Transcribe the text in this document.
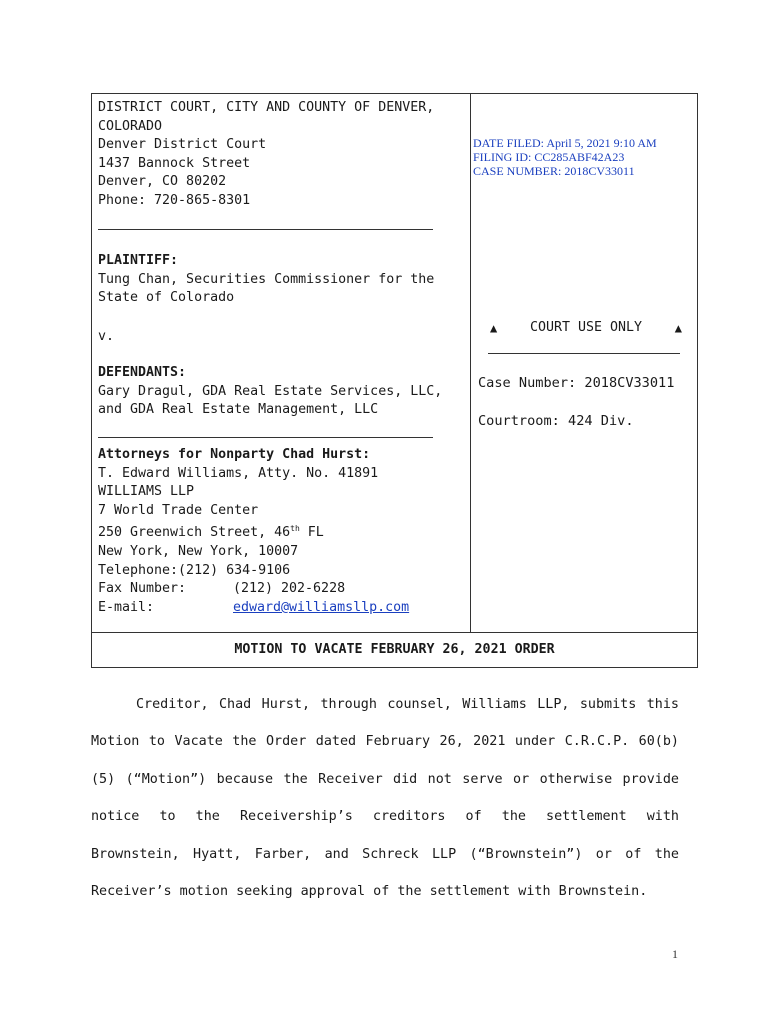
DISTRICT COURT, CITY AND COUNTY OF DENVER,
COLORADO
Denver District Court
1437 Bannock Street
Denver, CO 80202
Phone: 720-865-8301
PLAINTIFF:
Tung Chan, Securities Commissioner for the
State of Colorado
v.
DEFENDANTS:
Gary Dragul, GDA Real Estate Services, LLC,
and GDA Real Estate Management, LLC
Attorneys for Nonparty Chad Hurst:
T. Edward Williams, Atty. No. 41891
WILLIAMS LLP
7 World Trade Center
250 Greenwich Street, 46th FL
New York, New York, 10007
Telephone:(212) 634-9106
Fax Number:	(212) 202-6228
E-mail:	edward@williamsllp.com
DATE FILED: April 5, 2021 9:10 AM
FILING ID: CC285ABF42A23
CASE NUMBER: 2018CV33011
▲ COURT USE ONLY	▲
Case Number: 2018CV33011
Courtroom: 424 Div.
MOTION TO VACATE FEBRUARY 26, 2021 ORDER
Creditor, Chad Hurst, through counsel, Williams LLP, submits this Motion to Vacate the Order dated February 26, 2021 under C.R.C.P. 60(b)(5) (“Motion”) because the Receiver did not serve or otherwise provide notice to the Receivership’s creditors of the settlement with Brownstein, Hyatt, Farber, and Schreck LLP (“Brownstein”) or of the Receiver’s motion seeking approval of the settlement with Brownstein.
1
